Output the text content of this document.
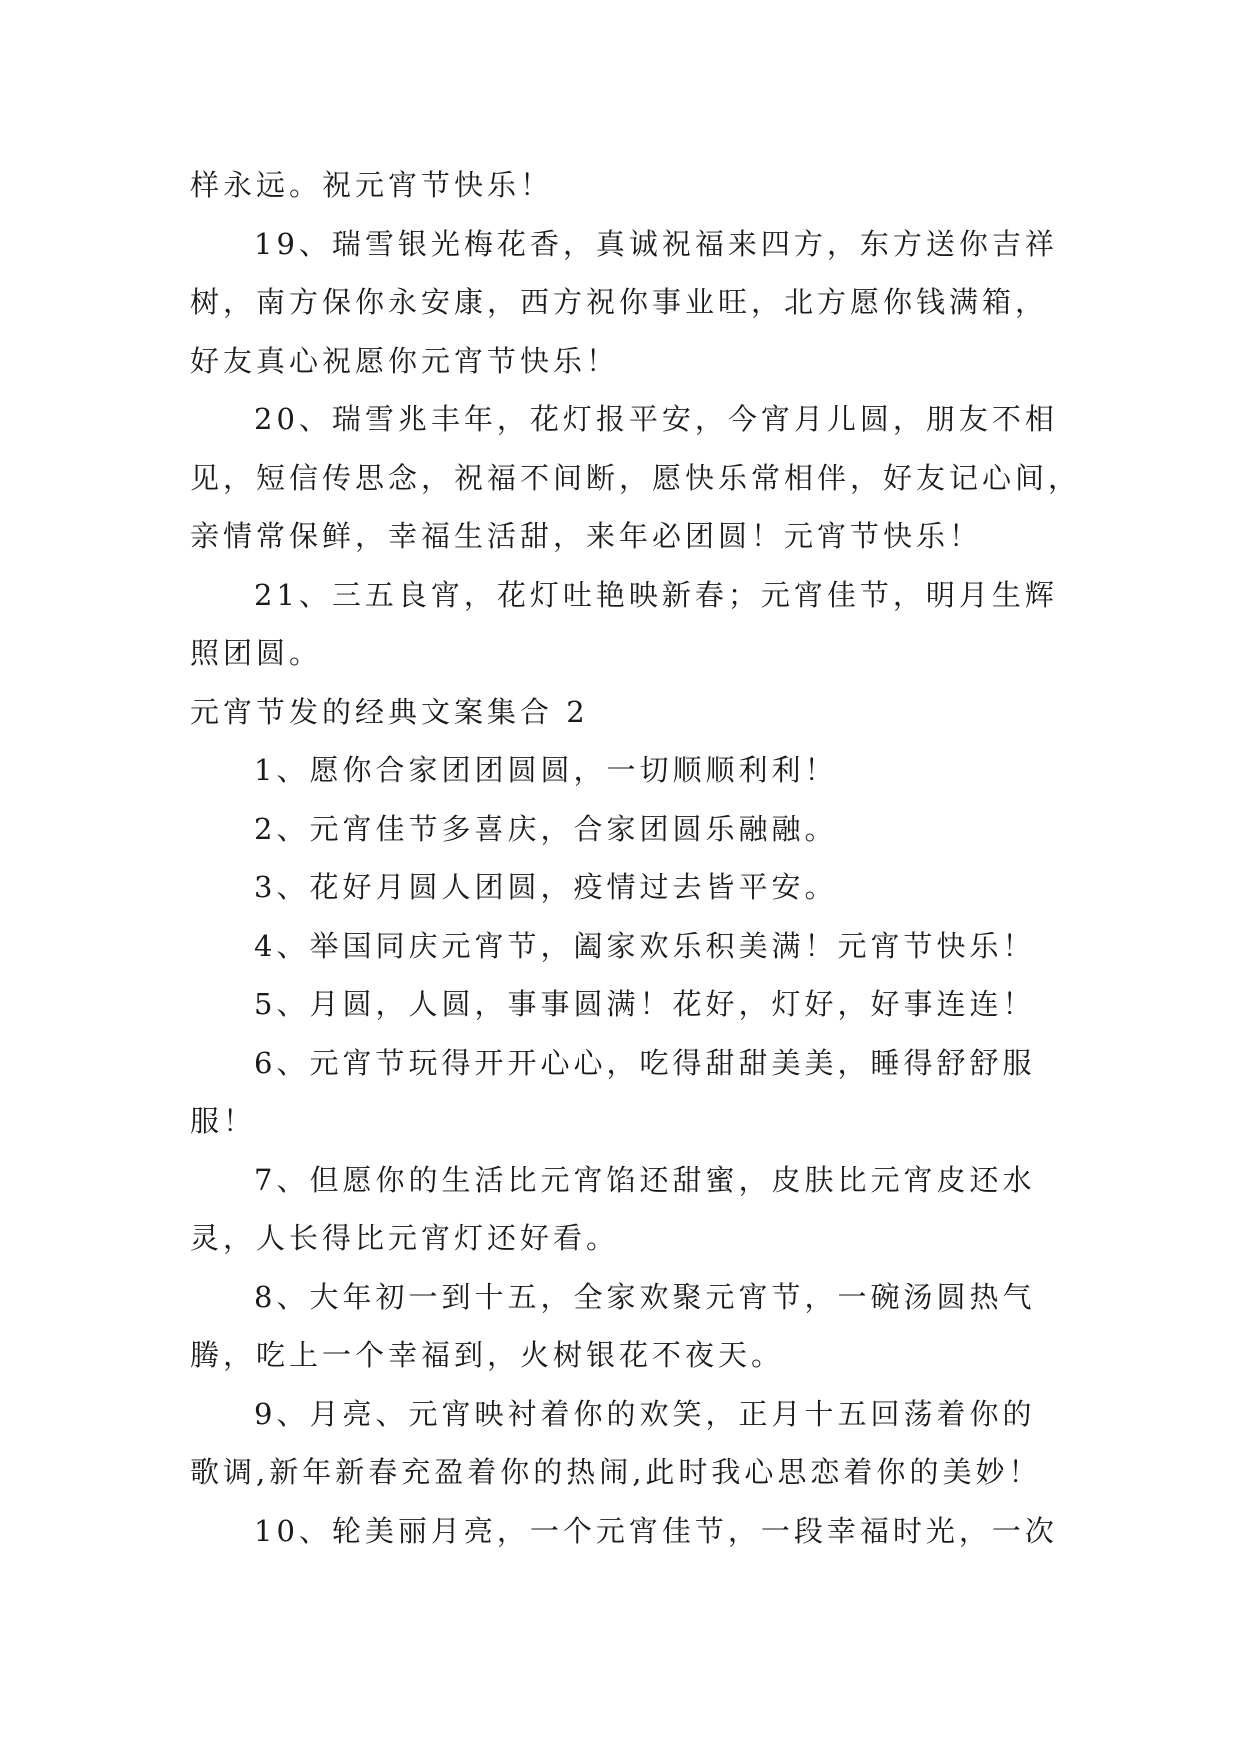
样永远。祝元宵节快乐！

19、瑞雪银光梅花香，真诚祝福来四方，东方送你吉祥

树，南方保你永安康，西方祝你事业旺，北方愿你钱满箱，

好友真心祝愿你元宵节快乐！

20、瑞雪兆丰年，花灯报平安，今宵月儿圆，朋友不相

见，短信传思念，祝福不间断，愿快乐常相伴，好友记心间，

亲情常保鲜，幸福生活甜，来年必团圆！元宵节快乐！

21、三五良宵，花灯吐艳映新春；元宵佳节，明月生辉

照团圆。

元宵节发的经典文案集合 2

1、愿你合家团团圆圆，一切顺顺利利！

2、元宵佳节多喜庆，合家团圆乐融融。

3、花好月圆人团圆，疫情过去皆平安。

4、举国同庆元宵节，阖家欢乐积美满！元宵节快乐！

5、月圆，人圆，事事圆满！花好，灯好，好事连连！

6、元宵节玩得开开心心，吃得甜甜美美，睡得舒舒服

服！

7、但愿你的生活比元宵馅还甜蜜，皮肤比元宵皮还水

灵，人长得比元宵灯还好看。

8、大年初一到十五，全家欢聚元宵节，一碗汤圆热气

腾，吃上一个幸福到，火树银花不夜天。

9、月亮、元宵映衬着你的欢笑，正月十五回荡着你的

歌调,新年新春充盈着你的热闹,此时我心思恋着你的美妙！

10、轮美丽月亮，一个元宵佳节，一段幸福时光，一次
